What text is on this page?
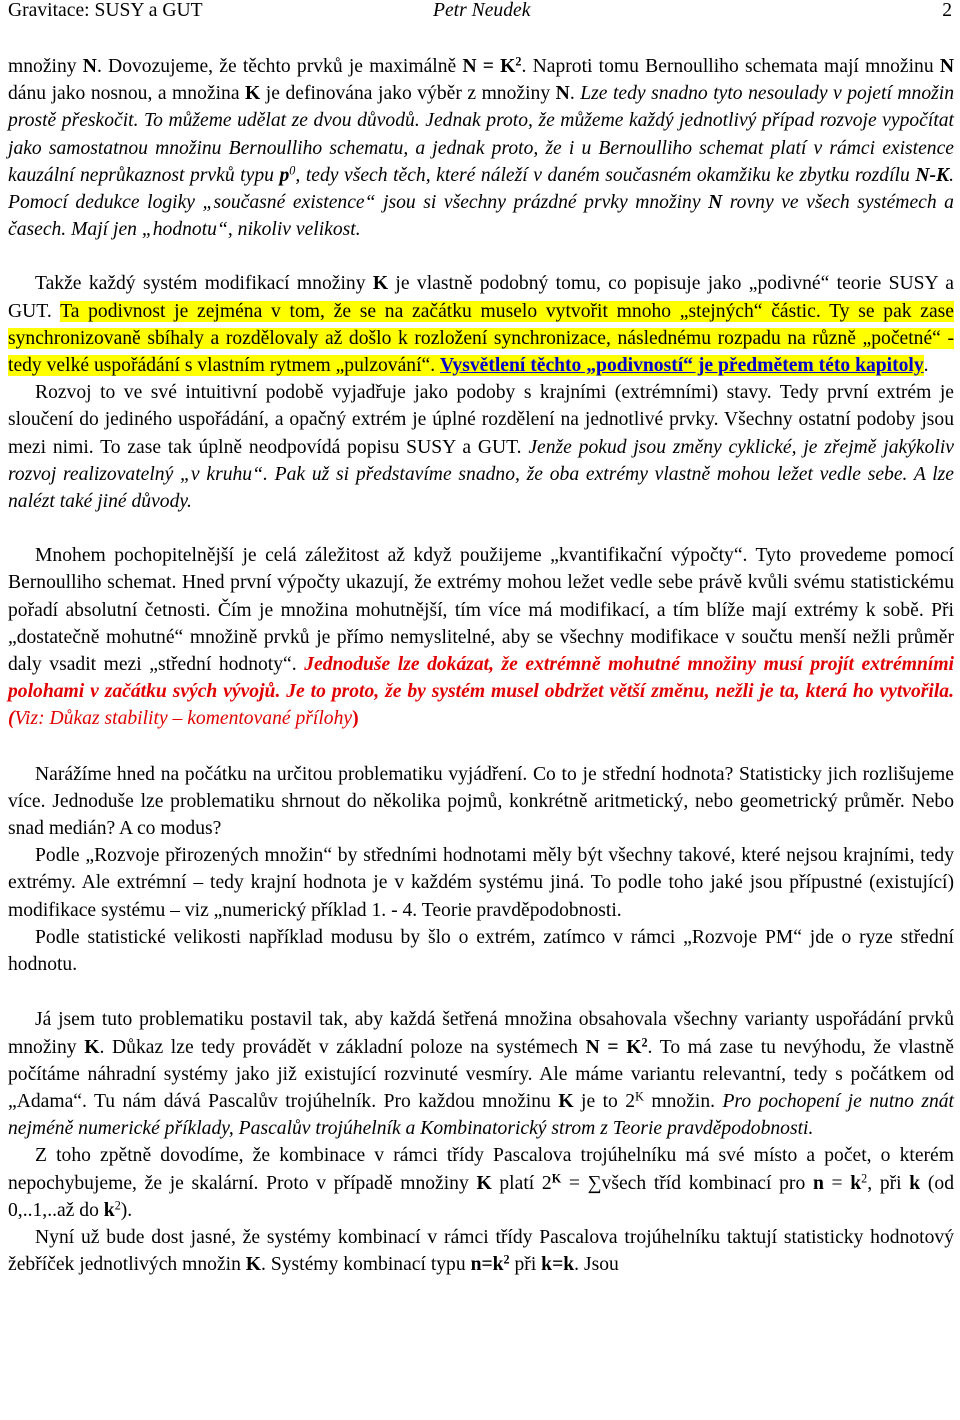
Gravitace: SUSY a GUT	Petr Neudek	2

množiny N. Dovozujeme, že těchto prvků je maximálně $N = K^2$. Naproti tomu Bernoulliho schemata mají množinu N dánu jako nosnou, a množina K je definována jako výběr z množiny N. Lze tedy snadno tyto nesoulady v pojetí množin prostě přeskočit. To můžeme udělat ze dvou důvodů. Jednak proto, že můžeme každý jednotlivý případ rozvoje vypočítat jako samostatnou množinu Bernoulliho schematu, a jednak proto, že i u Bernoulliho schemat platí v rámci existence kauzální neprůkaznost prvků typu $p^0$, tedy všech těch, které náleží v daném současném okamžiku ke zbytku rozdílu N-K. Pomocí dedukce logiky „současné existence“ jsou si všechny prázdné prvky množiny N rovny ve všech systémech a časech. Mají jen „hodnotu“, nikoliv velikost.

Takže každý systém modifikací množiny K je vlastně podobný tomu, co popisuje jako „podivné“ teorie SUSY a GUT. Ta podivnost je zejména v tom, že se na začátku muselo vytvořit mnoho „stejných“ částic. Ty se pak zase synchronizovaně sbíhaly a rozdělovaly až došlo k rozložení synchronizace, následnému rozpadu na různě „početné“ - tedy velké uspořádání s vlastním rytmem „pulzování“. Vysvětlení těchto „podivností“ je předmětem této kapitoly.

Rozvoj to ve své intuitivní podobě vyjadřuje jako podoby s krajními (extrémními) stavy. Tedy první extrém je sloučení do jediného uspořádání, a opačný extrém je úplné rozdělení na jednotlivé prvky. Všechny ostatní podoby jsou mezi nimi. To zase tak úplně neodpovídá popisu SUSY a GUT. Jenže pokud jsou změny cyklické, je zřejmě jakýkoliv rozvoj realizovatelný „v kruhu“. Pak už si představíme snadno, že oba extrémy vlastně mohou ležet vedle sebe. A lze nalézt také jiné důvody.

Mnohem pochopitelnější je celá záležitost až když použijeme „kvantifikační výpočty“. Tyto provedeme pomocí Bernoulliho schemat. Hned první výpočty ukazují, že extrémy mohou ležet vedle sebe právě kvůli svému statistickému pořadí absolutní četnosti. Čím je množina mohutnější, tím více má modifikací, a tím blíže mají extrémy k sobě. Při „dostatečně mohutné“ množině prvků je přímo nemyslitelné, aby se všechny modifikace v součtu menší nežli průměr daly vsadit mezi „střední hodnoty“. Jednoduše lze dokázat, že extrémně mohutné množiny musí projít extrémními polohami v začátku svých vývojů. Je to proto, že by systém musel obdržet větší změnu, nežli je ta, která ho vytvořila. (Viz: Důkaz stability – komentované přílohy)

Narážíme hned na počátku na určitou problematiku vyjádření. Co to je střední hodnota? Statisticky jich rozlišujeme více. Jednoduše lze problematiku shrnout do několika pojmů, konkrétně aritmetický, nebo geometrický průměr. Nebo snad medián? A co modus?

Podle „Rozvoje přirozených množin“ by středními hodnotami měly být všechny takové, které nejsou krajními, tedy extrémy. Ale extrémní – tedy krajní hodnota je v každém systému jiná. To podle toho jaké jsou přípustné (existující) modifikace systému – viz „numerický příklad 1. - 4. Teorie pravděpodobnosti.

Podle statistické velikosti například modusu by šlo o extrém, zatímco v rámci „Rozvoje PM“ jde o ryze střední hodnotu.

Já jsem tuto problematiku postavil tak, aby každá šetřená množina obsahovala všechny varianty uspořádání prvků množiny K. Důkaz lze tedy provádět v základní poloze na systémech $N = K^2$. To má zase tu nevýhodu, že vlastně počítáme náhradní systémy jako již existující rozvinuté vesmíry. Ale máme variantu relevantní, tedy s počátkem od „Adama“. Tu nám dává Pascalův trojúhelník. Pro každou množinu K je to $2^K$ množin. Pro pochopení je nutno znát nejméně numerické příklady, Pascalův trojúhelník a Kombinatorický strom z Teorie pravděpodobnosti.

Z toho zpětně dovodíme, že kombinace v rámci třídy Pascalova trojúhelníku má své místo a počet, o kterém nepochybujeme, že je skalární. Proto v případě množiny K platí $2^K$ = ∑všech tříd kombinací pro $n = k^2$, při k (od 0,..1,..až do $k^2$).

Nyní už bude dost jasné, že systémy kombinací v rámci třídy Pascalova trojúhelníku taktují statisticky hodnotový žebříček jednotlivých množin K. Systémy kombinací typu $n=k^2$ při k=k. Jsou
